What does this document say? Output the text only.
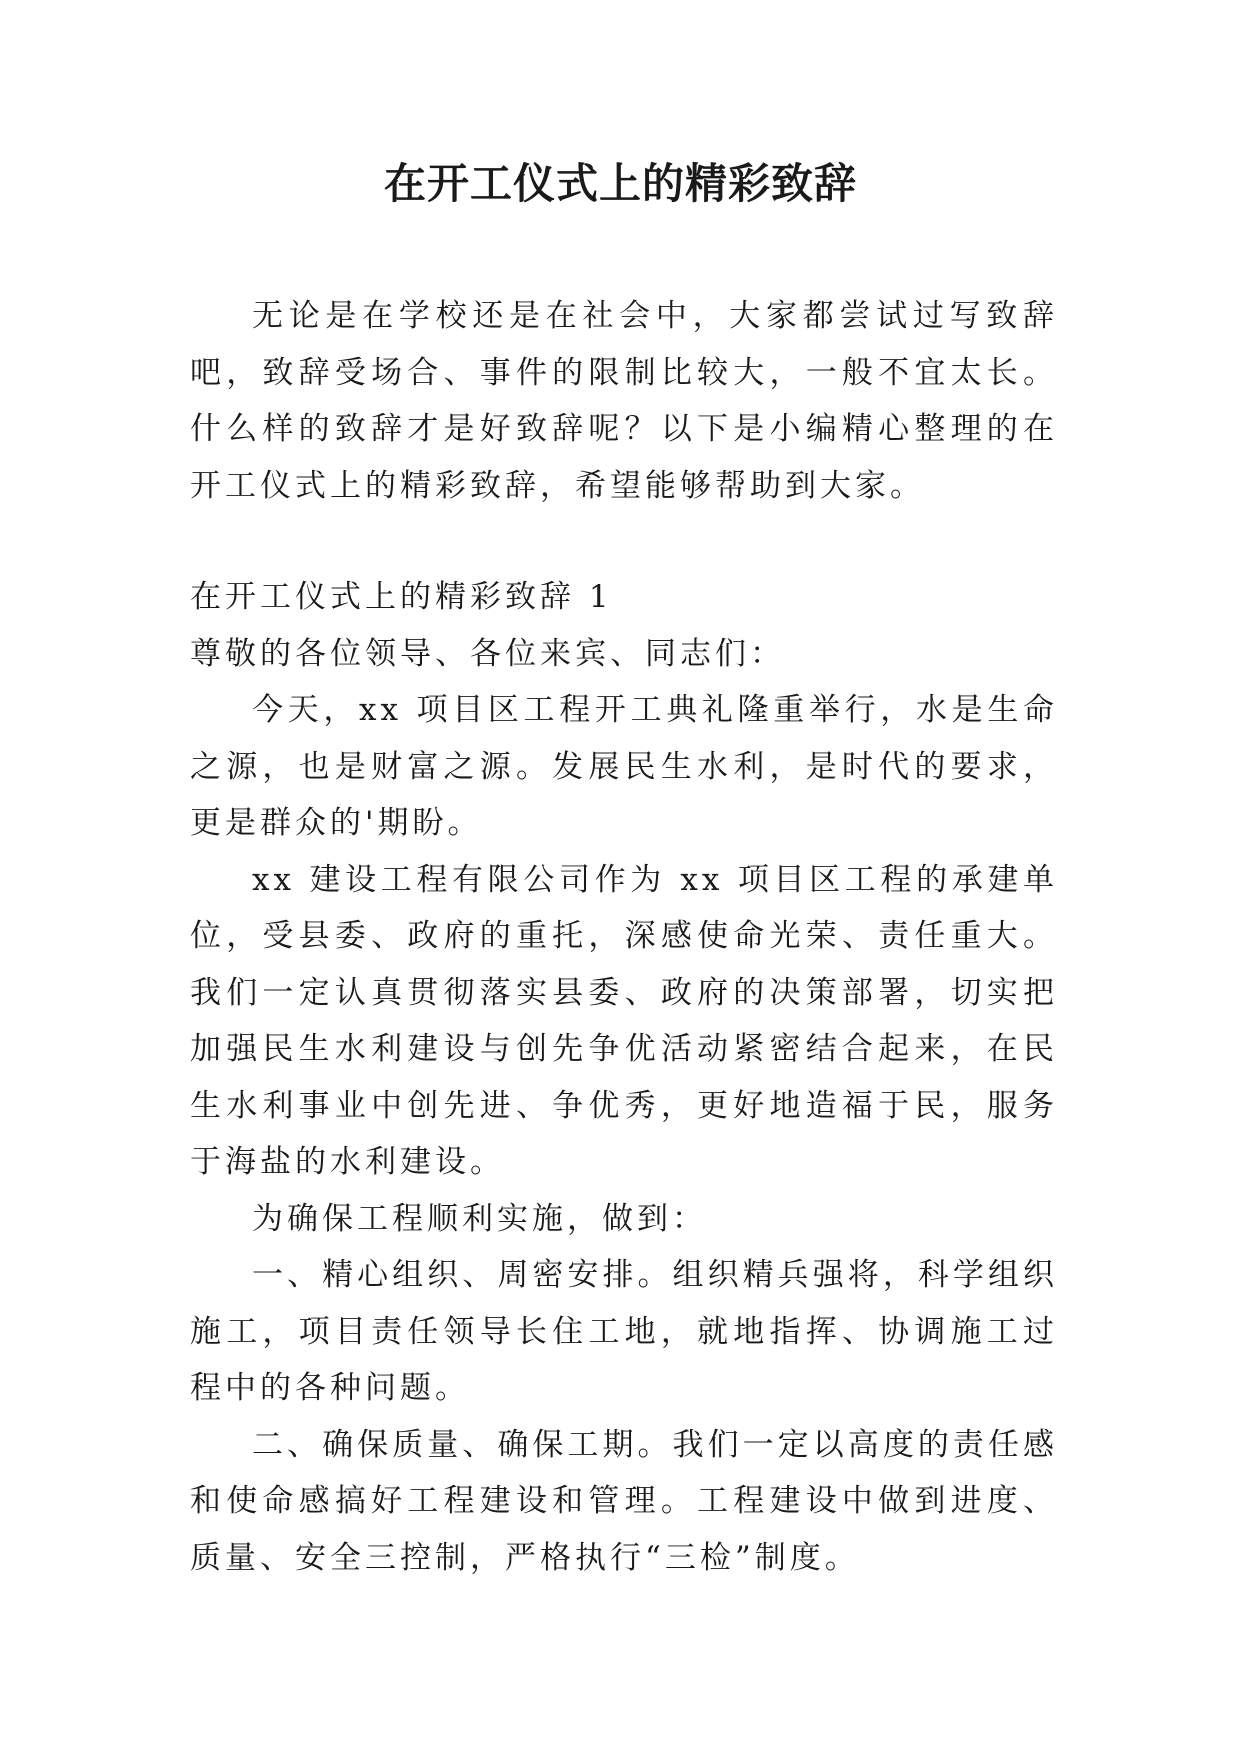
在开工仪式上的精彩致辞

无论是在学校还是在社会中，大家都尝试过写致辞吧，致辞受场合、事件的限制比较大，一般不宜太长。什么样的致辞才是好致辞呢？以下是小编精心整理的在开工仪式上的精彩致辞，希望能够帮助到大家。

在开工仪式上的精彩致辞 1

尊敬的各位领导、各位来宾、同志们：

今天，xx 项目区工程开工典礼隆重举行，水是生命之源，也是财富之源。发展民生水利，是时代的要求，更是群众的'期盼。

xx 建设工程有限公司作为 xx 项目区工程的承建单位，受县委、政府的重托，深感使命光荣、责任重大。我们一定认真贯彻落实县委、政府的决策部署，切实把加强民生水利建设与创先争优活动紧密结合起来，在民生水利事业中创先进、争优秀，更好地造福于民，服务于海盐的水利建设。

为确保工程顺利实施，做到：

一、精心组织、周密安排。组织精兵强将，科学组织施工，项目责任领导长住工地，就地指挥、协调施工过程中的各种问题。

二、确保质量、确保工期。我们一定以高度的责任感和使命感搞好工程建设和管理。工程建设中做到进度、质量、安全三控制，严格执行“三检”制度。
